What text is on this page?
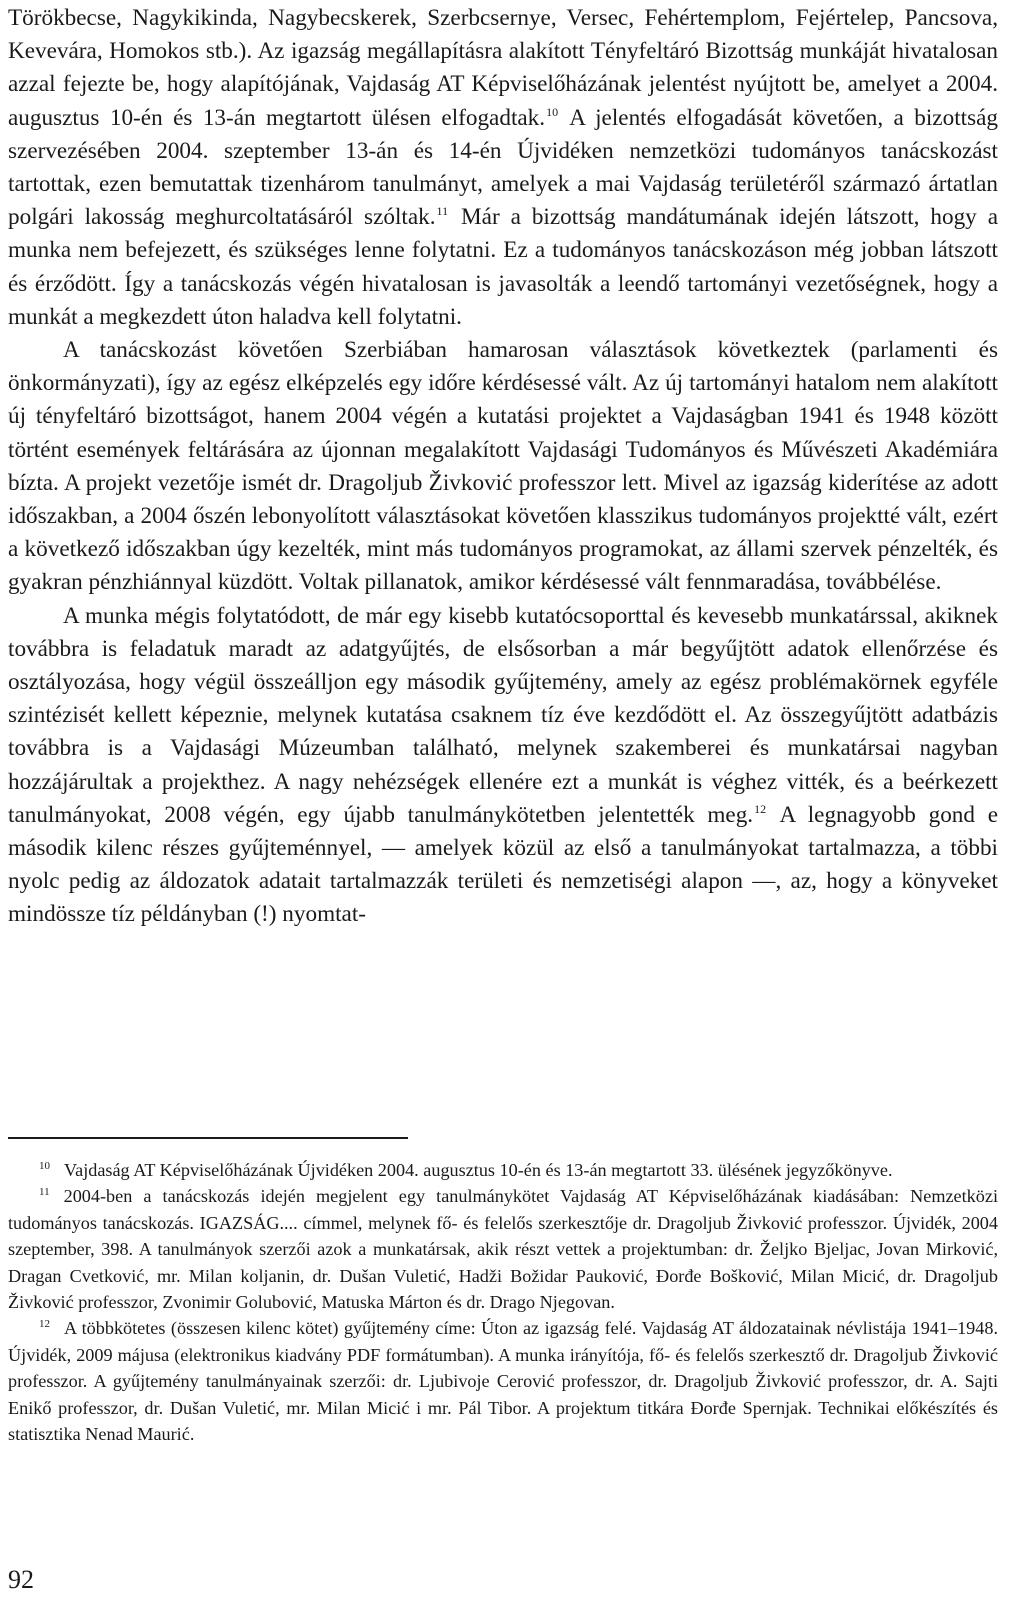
Törökbecse, Nagykikinda, Nagybecskerek, Szerbcsernye, Versec, Fehértemplom, Fejértelep, Pancsova, Kevevára, Homokos stb.). Az igazság megállapításra alakított Tényfeltáró Bizottság munkáját hivatalosan azzal fejezte be, hogy alapítójának, Vajdaság AT Képviselőházának jelentést nyújtott be, amelyet a 2004. augusztus 10-én és 13-án megtartott ülésen elfogadtak.$^{10}$ A jelentés elfogadását követően, a bizottság szervezésében 2004. szeptember 13-án és 14-én Újvidéken nemzetközi tudományos tanácskozást tartottak, ezen bemutattak tizenhárom tanulmányt, amelyek a mai Vajdaság területéről származó ártatlan polgári lakosság meghurcoltatásáról szóltak.$^{11}$ Már a bizottság mandátumának idején látszott, hogy a munka nem befejezett, és szükséges lenne folytatni. Ez a tudományos tanácskozáson még jobban látszott és érződött. Így a tanácskozás végén hivatalosan is javasolták a leendő tartományi vezetőségnek, hogy a munkát a megkezdett úton haladva kell folytatni.

A tanácskozást követően Szerbiában hamarosan választások következtek (parlamenti és önkormányzati), így az egész elképzelés egy időre kérdésessé vált. Az új tartományi hatalom nem alakított új tényfeltáró bizottságot, hanem 2004 végén a kutatási projektet a Vajdaságban 1941 és 1948 között történt események feltárására az újonnan megalakított Vajdasági Tudományos és Művészeti Akadémiára bízta. A projekt vezetője ismét dr. Dragoljub Živković professzor lett. Mivel az igazság kiderítése az adott időszakban, a 2004 őszén lebonyolított választásokat követően klasszikus tudományos projektté vált, ezért a következő időszakban úgy kezelték, mint más tudományos programokat, az állami szervek pénzelték, és gyakran pénzhiánnyal küzdött. Voltak pillanatok, amikor kérdésessé vált fennmaradása, továbbélése.

A munka mégis folytatódott, de már egy kisebb kutatócsoporttal és kevesebb munkatárssal, akiknek továbbra is feladatuk maradt az adatgyűjtés, de elsősorban a már begyűjtött adatok ellenőrzése és osztályozása, hogy végül összeálljon egy második gyűjtemény, amely az egész problémakörnek egyféle szintézisét kellett képeznie, melynek kutatása csaknem tíz éve kezdődött el. Az összegyűjtött adatbázis továbbra is a Vajdasági Múzeumban található, melynek szakemberei és munkatársai nagyban hozzájárultak a projekthez. A nagy nehézségek ellenére ezt a munkát is véghez vitték, és a beérkezett tanulmányokat, 2008 végén, egy újabb tanulmánykötetben jelentették meg.$^{12}$ A legnagyobb gond e második kilenc részes gyűjteménnyel, — amelyek közül az első a tanulmányokat tartalmazza, a többi nyolc pedig az áldozatok adatait tartalmazzák területi és nemzetiségi alapon —, az, hogy a könyveket mindössze tíz példányban (!) nyomtat-

$^{10}$ Vajdaság AT Képviselőházának Újvidéken 2004. augusztus 10-én és 13-án megtartott 33. ülésének jegyzőkönyve.

$^{11}$ 2004-ben a tanácskozás idején megjelent egy tanulmánykötet Vajdaság AT Képviselőházának kiadásában: Nemzetközi tudományos tanácskozás. IGAZSÁG.... címmel, melynek fő- és felelős szerkesztője dr. Dragoljub Živković professzor. Újvidék, 2004 szeptember, 398. A tanulmányok szerzői azok a munkatársak, akik részt vettek a projektumban: dr. Željko Bjeljac, Jovan Mirković, Dragan Cvetković, mr. Milan koljanin, dr. Dušan Vuletić, Hadži Božidar Pauković, Đorđe Bošković, Milan Micić, dr. Dragoljub Živković professzor, Zvonimir Golubović, Matuska Márton és dr. Drago Njegovan.

$^{12}$ A többkötetes (összesen kilenc kötet) gyűjtemény címe: Úton az igazság felé. Vajdaság AT áldozatainak névlistája 1941–1948. Újvidék, 2009 májusa (elektronikus kiadvány PDF formátumban). A munka irányítója, fő- és felelős szerkesztő dr. Dragoljub Živković professzor. A gyűjtemény tanulmányainak szerzői: dr. Ljubivoje Cerović professzor, dr. Dragoljub Živković professzor, dr. A. Sajti Enikő professzor, dr. Dušan Vuletić, mr. Milan Micić i mr. Pál Tibor. A projektum titkára Đorđe Spernjak. Technikai előkészítés és statisztika Nenad Maurić.

92
